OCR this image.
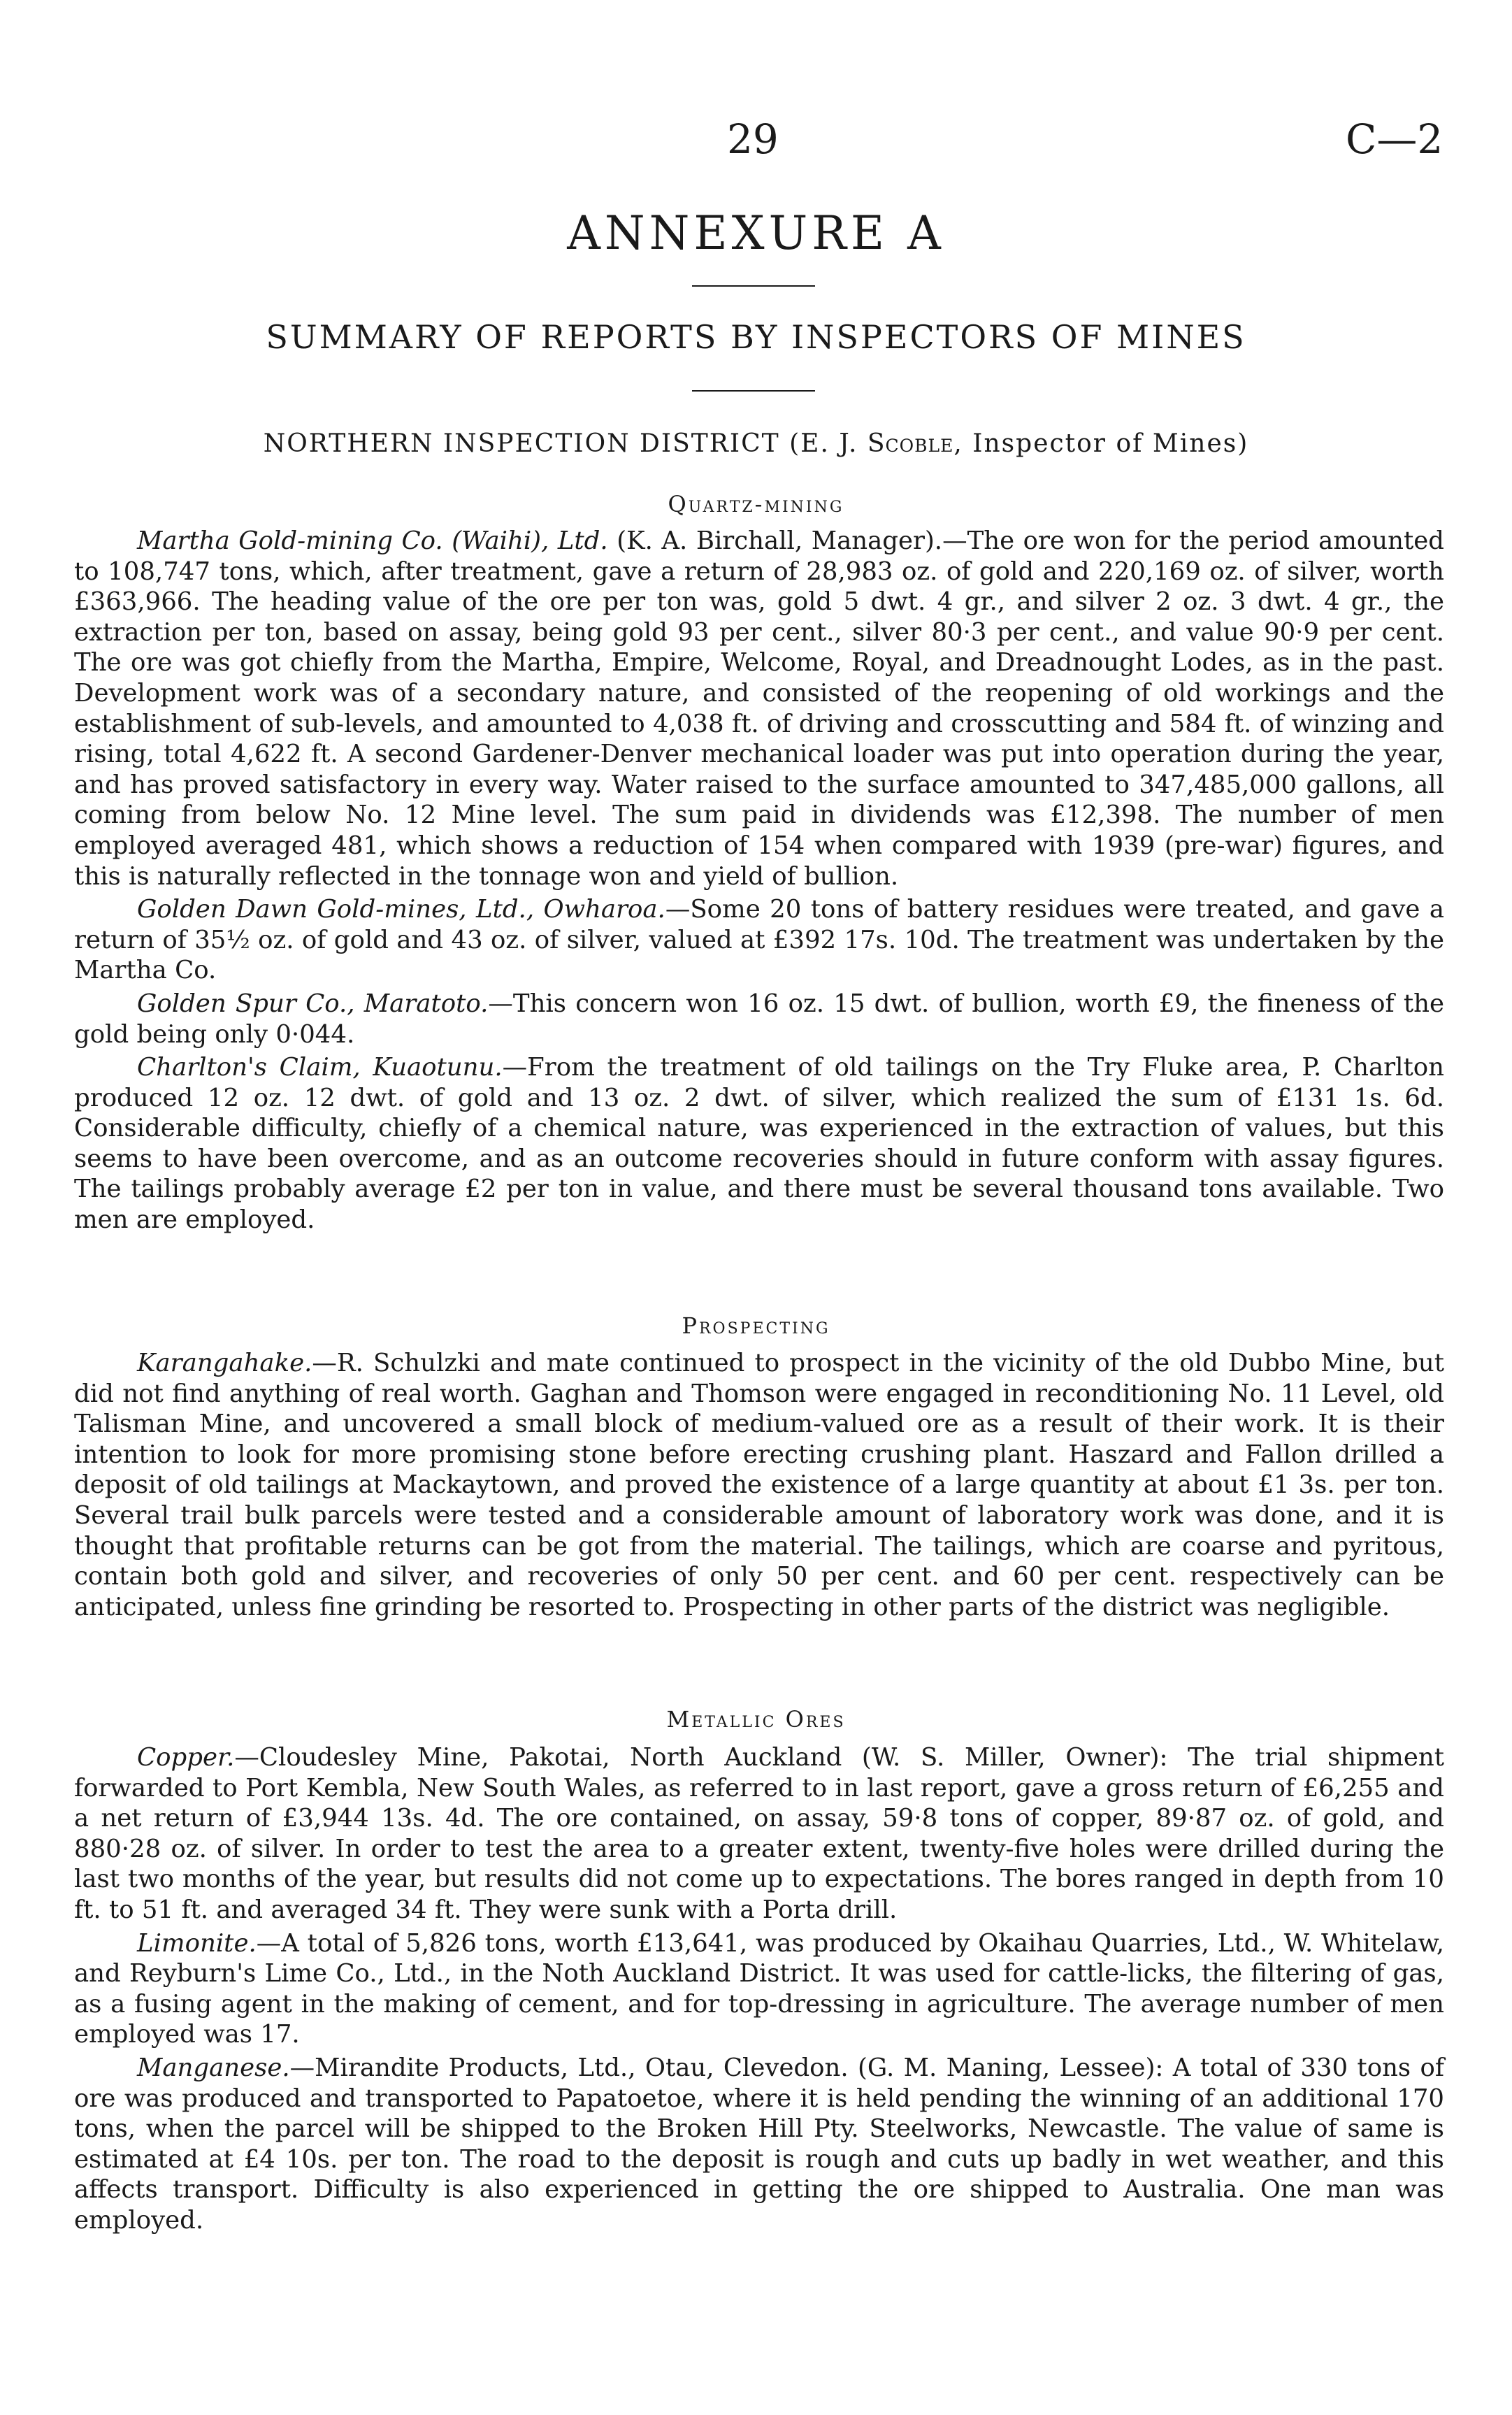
29	C—2
ANNEXURE A
SUMMARY OF REPORTS BY INSPECTORS OF MINES
NORTHERN INSPECTION DISTRICT (E. J. Scoble, Inspector of Mines)
Quartz-mining

Martha Gold-mining Co. (Waihi), Ltd. (K. A. Birchall, Manager).—The ore won for the period amounted to 108,747 tons, which, after treatment, gave a return of 28,983 oz. of gold and 220,169 oz. of silver, worth £363,966. The heading value of the ore per ton was, gold 5 dwt. 4 gr., and silver 2 oz. 3 dwt. 4 gr., the extraction per ton, based on assay, being gold 93 per cent., silver 80·3 per cent., and value 90·9 per cent. The ore was got chiefly from the Martha, Empire, Welcome, Royal, and Dreadnought Lodes, as in the past. Development work was of a secondary nature, and consisted of the reopening of old workings and the establishment of sub-levels, and amounted to 4,038 ft. of driving and crosscutting and 584 ft. of winzing and rising, total 4,622 ft. A second Gardener-Denver mechanical loader was put into operation during the year, and has proved satisfactory in every way. Water raised to the surface amounted to 347,485,000 gallons, all coming from below No. 12 Mine level. The sum paid in dividends was £12,398. The number of men employed averaged 481, which shows a reduction of 154 when compared with 1939 (pre-war) figures, and this is naturally reflected in the tonnage won and yield of bullion.

Golden Dawn Gold-mines, Ltd., Owharoa.—Some 20 tons of battery residues were treated, and gave a return of 35½ oz. of gold and 43 oz. of silver, valued at £392 17s. 10d. The treatment was undertaken by the Martha Co.

Golden Spur Co., Maratoto.—This concern won 16 oz. 15 dwt. of bullion, worth £9, the fineness of the gold being only 0·044.

Charlton's Claim, Kuaotunu.—From the treatment of old tailings on the Try Fluke area, P. Charlton produced 12 oz. 12 dwt. of gold and 13 oz. 2 dwt. of silver, which realized the sum of £131 1s. 6d. Considerable difficulty, chiefly of a chemical nature, was experienced in the extraction of values, but this seems to have been overcome, and as an outcome recoveries should in future conform with assay figures. The tailings probably average £2 per ton in value, and there must be several thousand tons available. Two men are employed.

Prospecting

Karangahake.—R. Schulzki and mate continued to prospect in the vicinity of the old Dubbo Mine, but did not find anything of real worth. Gaghan and Thomson were engaged in reconditioning No. 11 Level, old Talisman Mine, and uncovered a small block of medium-valued ore as a result of their work. It is their intention to look for more promising stone before erecting crushing plant. Haszard and Fallon drilled a deposit of old tailings at Mackaytown, and proved the existence of a large quantity at about £1 3s. per ton. Several trail bulk parcels were tested and a considerable amount of laboratory work was done, and it is thought that profitable returns can be got from the material. The tailings, which are coarse and pyritous, contain both gold and silver, and recoveries of only 50 per cent. and 60 per cent. respectively can be anticipated, unless fine grinding be resorted to. Prospecting in other parts of the district was negligible.

Metallic Ores

Copper.—Cloudesley Mine, Pakotai, North Auckland (W. S. Miller, Owner): The trial shipment forwarded to Port Kembla, New South Wales, as referred to in last report, gave a gross return of £6,255 and a net return of £3,944 13s. 4d. The ore contained, on assay, 59·8 tons of copper, 89·87 oz. of gold, and 880·28 oz. of silver. In order to test the area to a greater extent, twenty-five holes were drilled during the last two months of the year, but results did not come up to expectations. The bores ranged in depth from 10 ft. to 51 ft. and averaged 34 ft. They were sunk with a Porta drill.

Limonite.—A total of 5,826 tons, worth £13,641, was produced by Okaihau Quarries, Ltd., W. Whitelaw, and Reyburn's Lime Co., Ltd., in the Noth Auckland District. It was used for cattle-licks, the filtering of gas, as a fusing agent in the making of cement, and for top-dressing in agriculture. The average number of men employed was 17.

Manganese.—Mirandite Products, Ltd., Otau, Clevedon. (G. M. Maning, Lessee): A total of 330 tons of ore was produced and transported to Papatoetoe, where it is held pending the winning of an additional 170 tons, when the parcel will be shipped to the Broken Hill Pty. Steelworks, Newcastle. The value of same is estimated at £4 10s. per ton. The road to the deposit is rough and cuts up badly in wet weather, and this affects transport. Difficulty is also experienced in getting the ore shipped to Australia. One man was employed.
